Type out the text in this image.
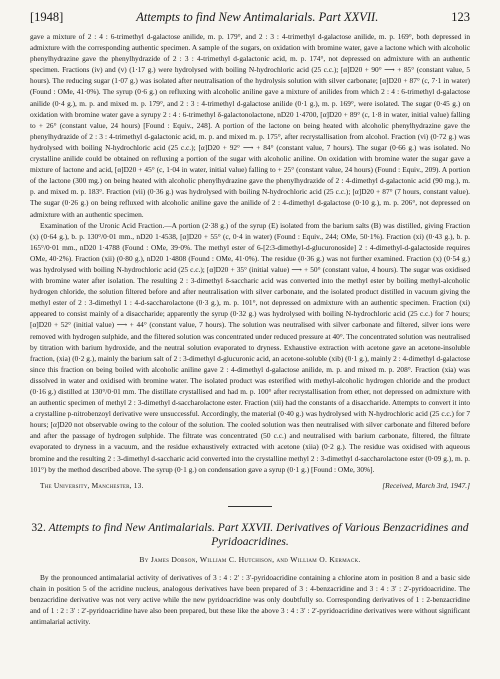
[1948]	Attempts to find New Antimalarials. Part XXVII.	123

gave a mixture of 2 : 4 : 6-trimethyl d-galactose anilide, m. p. 179°, and 2 : 3 : 4-trimethyl d-galactose anilide, m. p. 169°, both depressed in admixture with the corresponding authentic specimen. A sample of the sugars, on oxidation with bromine water, gave a lactone which with alcoholic phenylhydrazine gave the phenylhydrazide of 2 : 3 : 4-trimethyl d-galactonic acid, m. p. 174°, not depressed on admixture with an authentic specimen. Fractions (iv) and (v) (1·17 g.) were hydrolysed with boiling N-hydrochloric acid (25 c.c.); [α]D20 + 90° ⟶ + 85° (constant value, 5 hours). The reducing sugar (1·07 g.) was isolated after neutralisation of the hydrolysis solution with silver carbonate; [α]D20 + 87° (c, 7·1 in water) (Found : OMe, 41·0%). The syrup (0·6 g.) on refluxing with alcoholic aniline gave a mixture of anilides from which 2 : 4 : 6-trimethyl d-galactose anilide (0·4 g.), m. p. and mixed m. p. 179°, and 2 : 3 : 4-trimethyl d-galactose anilide (0·1 g.), m. p. 169°, were isolated. The sugar (0·45 g.) on oxidation with bromine water gave a syrupy 2 : 4 : 6-trimethyl δ-galactonolactone, nD20 1·4700, [α]D20 + 89° (c, 1·8 in water, initial value) falling to + 26° (constant value, 24 hours) [Found : Equiv., 248]. A portion of the lactone on being heated with alcoholic phenylhydrazine gave the phenylhydrazide of 2 : 3 : 4-trimethyl d-galactonic acid, m. p. and mixed m. p. 175°, after recrystallisation from alcohol. Fraction (vi) (0·72 g.) was hydrolysed with boiling N-hydrochloric acid (25 c.c.); [α]D20 + 92° ⟶ + 84° (constant value, 7 hours). The sugar (0·66 g.) was isolated. No crystalline anilide could be obtained on refluxing a portion of the sugar with alcoholic aniline. On oxidation with bromine water the sugar gave a mixture of lactone and acid, [α]D20 + 45° (c, 1·04 in water, initial value) falling to + 25° (constant value, 24 hours) (Found : Equiv., 209). A portion of the lactone (300 mg.) on being heated with alcoholic phenylhydrazine gave the phenylhydrazide of 2 : 4-dimethyl d-galactonic acid (90 mg.), m. p. and mixed m. p. 183°. Fraction (vii) (0·36 g.) was hydrolysed with boiling N-hydrochloric acid (25 c.c.); [α]D20 + 87° (7 hours, constant value). The sugar (0·26 g.) on being refluxed with alcoholic aniline gave the anilide of 2 : 4-dimethyl d-galactose (0·10 g.), m. p. 206°, not depressed on admixture with an authentic specimen.

Examination of the Uronic Acid Fraction.—A portion (2·38 g.) of the syrup (E) isolated from the barium salts (B) was distilled, giving Fraction (x) (0·64 g.), b. p. 130°/0·01 mm., nD20 1·4538, [α]D20 + 55° (c, 0·4 in water) (Found : Equiv., 244; OMe, 50·1%). Fraction (xi) (0·43 g.), b. p. 165°/0·01 mm., nD20 1·4788 (Found : OMe, 39·0%. The methyl ester of 6-[2:3-dimethyl-d-glucuronoside] 2 : 4-dimethyl-d-galactoside requires OMe, 40·2%). Fraction (xii) (0·80 g.), nD20 1·4808 (Found : OMe, 41·0%). The residue (0·36 g.) was not further examined. Fraction (x) (0·54 g.) was hydrolysed with boiling N-hydrochloric acid (25 c.c.); [α]D20 + 35° (initial value) ⟶ + 50° (constant value, 4 hours). The sugar was oxidised with bromine water after isolation. The resulting 2 : 3-dimethyl δ-saccharic acid was converted into the methyl ester by boiling methyl-alcoholic hydrogen chloride, the solution filtered before and after neutralisation with silver carbonate, and the isolated product distilled in vacuum giving the methyl ester of 2 : 3-dimethyl 1 : 4-d-saccharolactone (0·3 g.), m. p. 101°, not depressed on admixture with an authentic specimen. Fraction (xi) appeared to consist mainly of a disaccharide; apparently the syrup (0·32 g.) was hydrolysed with boiling N-hydrochloric acid (25 c.c.) for 7 hours; [α]D20 + 52° (initial value) ⟶ + 44° (constant value, 7 hours). The solution was neutralised with silver carbonate and filtered, silver ions were removed with hydrogen sulphide, and the filtered solution was concentrated under reduced pressure at 40°. The concentrated solution was neutralised by titration with barium hydroxide, and the neutral solution evaporated to dryness. Exhaustive extraction with acetone gave an acetone-insoluble fraction, (xia) (0·2 g.), mainly the barium salt of 2 : 3-dimethyl d-glucuronic acid, an acetone-soluble (xib) (0·1 g.), mainly 2 : 4-dimethyl d-galactose since this fraction on being boiled with alcoholic aniline gave 2 : 4-dimethyl d-galactose anilide, m. p. and mixed m. p. 208°. Fraction (xia) was dissolved in water and oxidised with bromine water. The isolated product was esterified with methyl-alcoholic hydrogen chloride and the product (0·16 g.) distilled at 130°/0·01 mm. The distillate crystallised and had m. p. 100° after recrystallisation from ether, not depressed on admixture with an authentic specimen of methyl 2 : 3-dimethyl d-saccharolactone ester. Fraction (xii) had the constants of a disaccharide. Attempts to convert it into a crystalline p-nitrobenzoyl derivative were unsuccessful. Accordingly, the material (0·40 g.) was hydrolysed with N-hydrochloric acid (25 c.c.) for 7 hours; [α]D20 not observable owing to the colour of the solution. The cooled solution was then neutralised with silver carbonate and filtered before and after the passage of hydrogen sulphide. The filtrate was concentrated (50 c.c.) and neutralised with barium carbonate, filtered, the filtrate evaporated to dryness in a vacuum, and the residue exhaustively extracted with acetone (xiia) (0·2 g.). The residue was oxidised with aqueous bromine and the resulting 2 : 3-dimethyl d-saccharic acid converted into the crystalline methyl 2 : 3-dimethyl d-saccharolactone ester (0·09 g.), m. p. 101°) by the method described above. The syrup (0·1 g.) on condensation gave a syrup (0·1 g.) [Found : OMe, 30%].

The University, Manchester, 13.	[Received, March 3rd, 1947.]
32. Attempts to find New Antimalarials. Part XXVII. Derivatives of Various Benzacridines and Pyridoacridines.
By James Dobson, William C. Hutchison, and William O. Kermack.

By the pronounced antimalarial activity of derivatives of 3 : 4 : 2′ : 3′-pyridoacridine containing a chlorine atom in position 8 and a basic side chain in position 5 of the acridine nucleus, analogous derivatives have been prepared of 3 : 4-benzacridine and 3 : 4 : 3′ : 2′-pyridoacridine. The benzacridine derivative was not very active while the new pyridoacridine was only doubtfully so. Corresponding derivatives of 1 : 2-benzacridine and of 1 : 2 : 3′ : 2′-pyridoacridine have also been prepared, but these like the above 3 : 4 : 3′ : 2′-pyridoacridine derivatives were without significant antimalarial activity.
